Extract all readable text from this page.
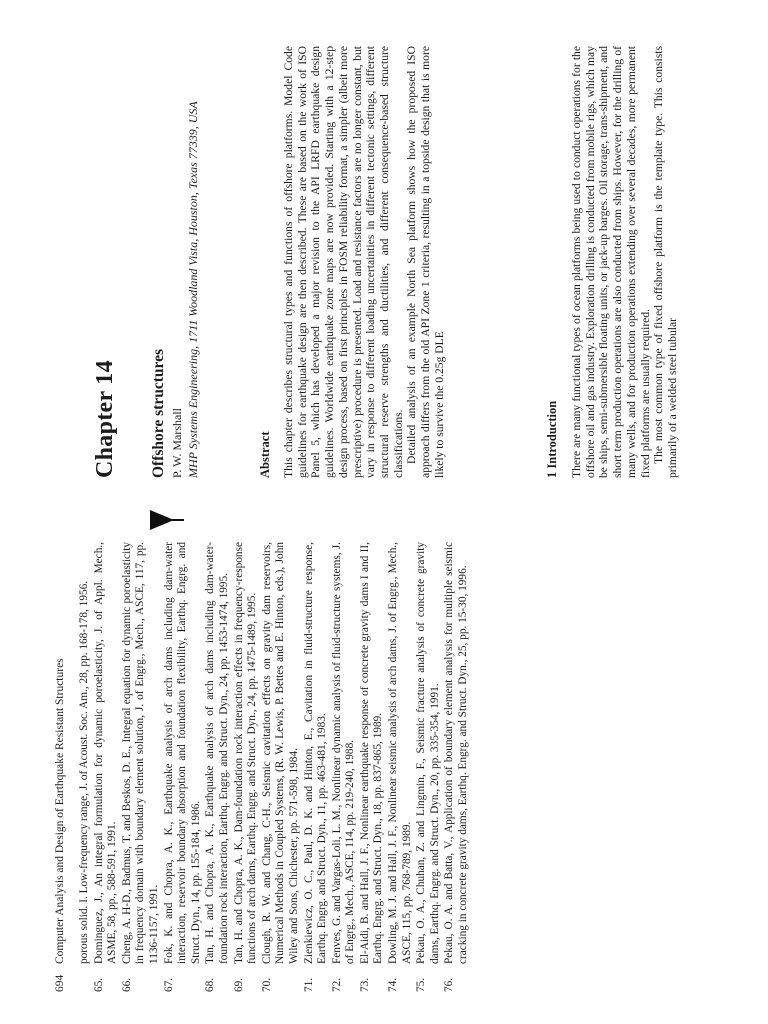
694Computer Analysis and Design of Earthquake Resistant Structures porous solid. I. Low-frequency range, J. of Acoust. Soc. Am., 28, pp. 168-178, 1956.
65.
Dominguez, J., An integral formulation for dynamic poroelasticity, J. of Appl. Mech., ASME, 58, pp., 588-591, 1991.
66.
Cheng, A. H-D., Badmus, T. and Beskos, D. E., Integral equation for dynamic poroelasticity in frequency domain with boundary element solution, J. of Engrg., Mech., ASCE, 117, pp. 1136-1157, 1991.
67.
Fok, K. and Chopra, A. K., Earthquake analysis of arch dams including dam-water interaction, reservoir boundary absorption and foundation flexibility, Earthq. Engrg. and Struct. Dyn., 14, pp. 155-184, 1986.
68.
Tan, H. and Chopra, A. K., Earthquake analysis of arch dams including dam-water-foundation rock interaction, Earthq. Engrg. and Struct. Dyn., 24, pp. 1453-1474, 1995.
69.
Tan, H. and Chopra, A. K., Dam-foundation rock interaction effects in frequency-response functions of arch dams, Earthq. Engrg. and Struct. Dyn., 24, pp. 1475-1489, 1995.
70.
Clough, R. W. and Chang, C-H., Seismic cavitation effects on gravity dam reservoirs, Numerical Methods in Coupled Systems, (R. W. Lewis, P. Bettes and E. Hinton, eds.), John Wiley and Sons, Chichester, pp. 571-598, 1984.
71.
Zienkiewicz, O. C., Paul, D. K. and Hinton, E., Cavitation in fluid-structure response, Earthq. Engrg. and Struct. Dyn., 11, pp. 463-481, 1983.
72.
Fenves, G. and Vargas-Loli, L. M., Nonlinear dynamic analysis of fluid-structure systems, J. of Engrg., Mech., ASCE, 114, pp. 219-240, 1988.
73.
El-Aidi, B. and Hall, J. F., Nonlinear earthquake response of concrete gravity dams I and II, Earthq. Engrg. and Struct. Dyn., 18, pp. 837-865, 1989.
74.
Dowling, M. J. and Hall, J. F., Nonlinear seismic analysis of arch dams, J. of Engrg., Mech., ASCE, 115, pp. 768-789, 1989.
75.
Pekau, O. A., Chuhan, Z. and Lingmin, F., Seismic fracture analysis of concrete gravity dams, Earthq. Engrg. and Struct. Dyn., 20, pp. 335-354, 1991.
76.
Pekau, O. A. and Batta, V., Application of boundary element analysis for multiple seismic cracking in concrete gravity dams, Earthq. Engrg. and Struct. Dyn., 25, pp. 15-30, 1996.
Chapter 14 Offshore structures P. W. Marshall MHP Systems Engineering, 1711 Woodland Vista, Houston, Texas 77339, USA	Abstract This chapter describes structural types and functions of offshore platforms. Model Code guidelines for earthquake design are then described. These are based on the work of ISO Panel 5, which has developed a major revision to the API LRFD earthquake design guidelines. Worldwide earthquake zone maps are now provided. Starting with a 12-step design process, based on first principles in FOSM reliability format, a simpler (albeit more prescriptive) procedure is presented. Load and resistance factors are no longer constant, but vary in response to different loading uncertainties in different tectonic settings, different structural reserve strengths and ductilities, and different consequence-based structure classifications. Detailed analysis of an example North Sea platform shows how the proposed ISO approach differs from the old API Zone 1 criteria, resulting in a topside design that is more likely to survive the 0.25g DLE	1 Introduction There are many functional types of ocean platforms being used to conduct operations for the offshore oil and gas industry. Exploration drilling is conducted from mobile rigs, which may be ships, semi-submersible floating units, or jack-up barges. Oil storage, trans-shipment, and short term production operations are also conducted from ships. However, for the drilling of many wells, and for production operations extending over several decades, more permanent fixed platforms are usually required. The most common type of fixed offshore platform is the template type. This consists primarily of a welded steel tubular
